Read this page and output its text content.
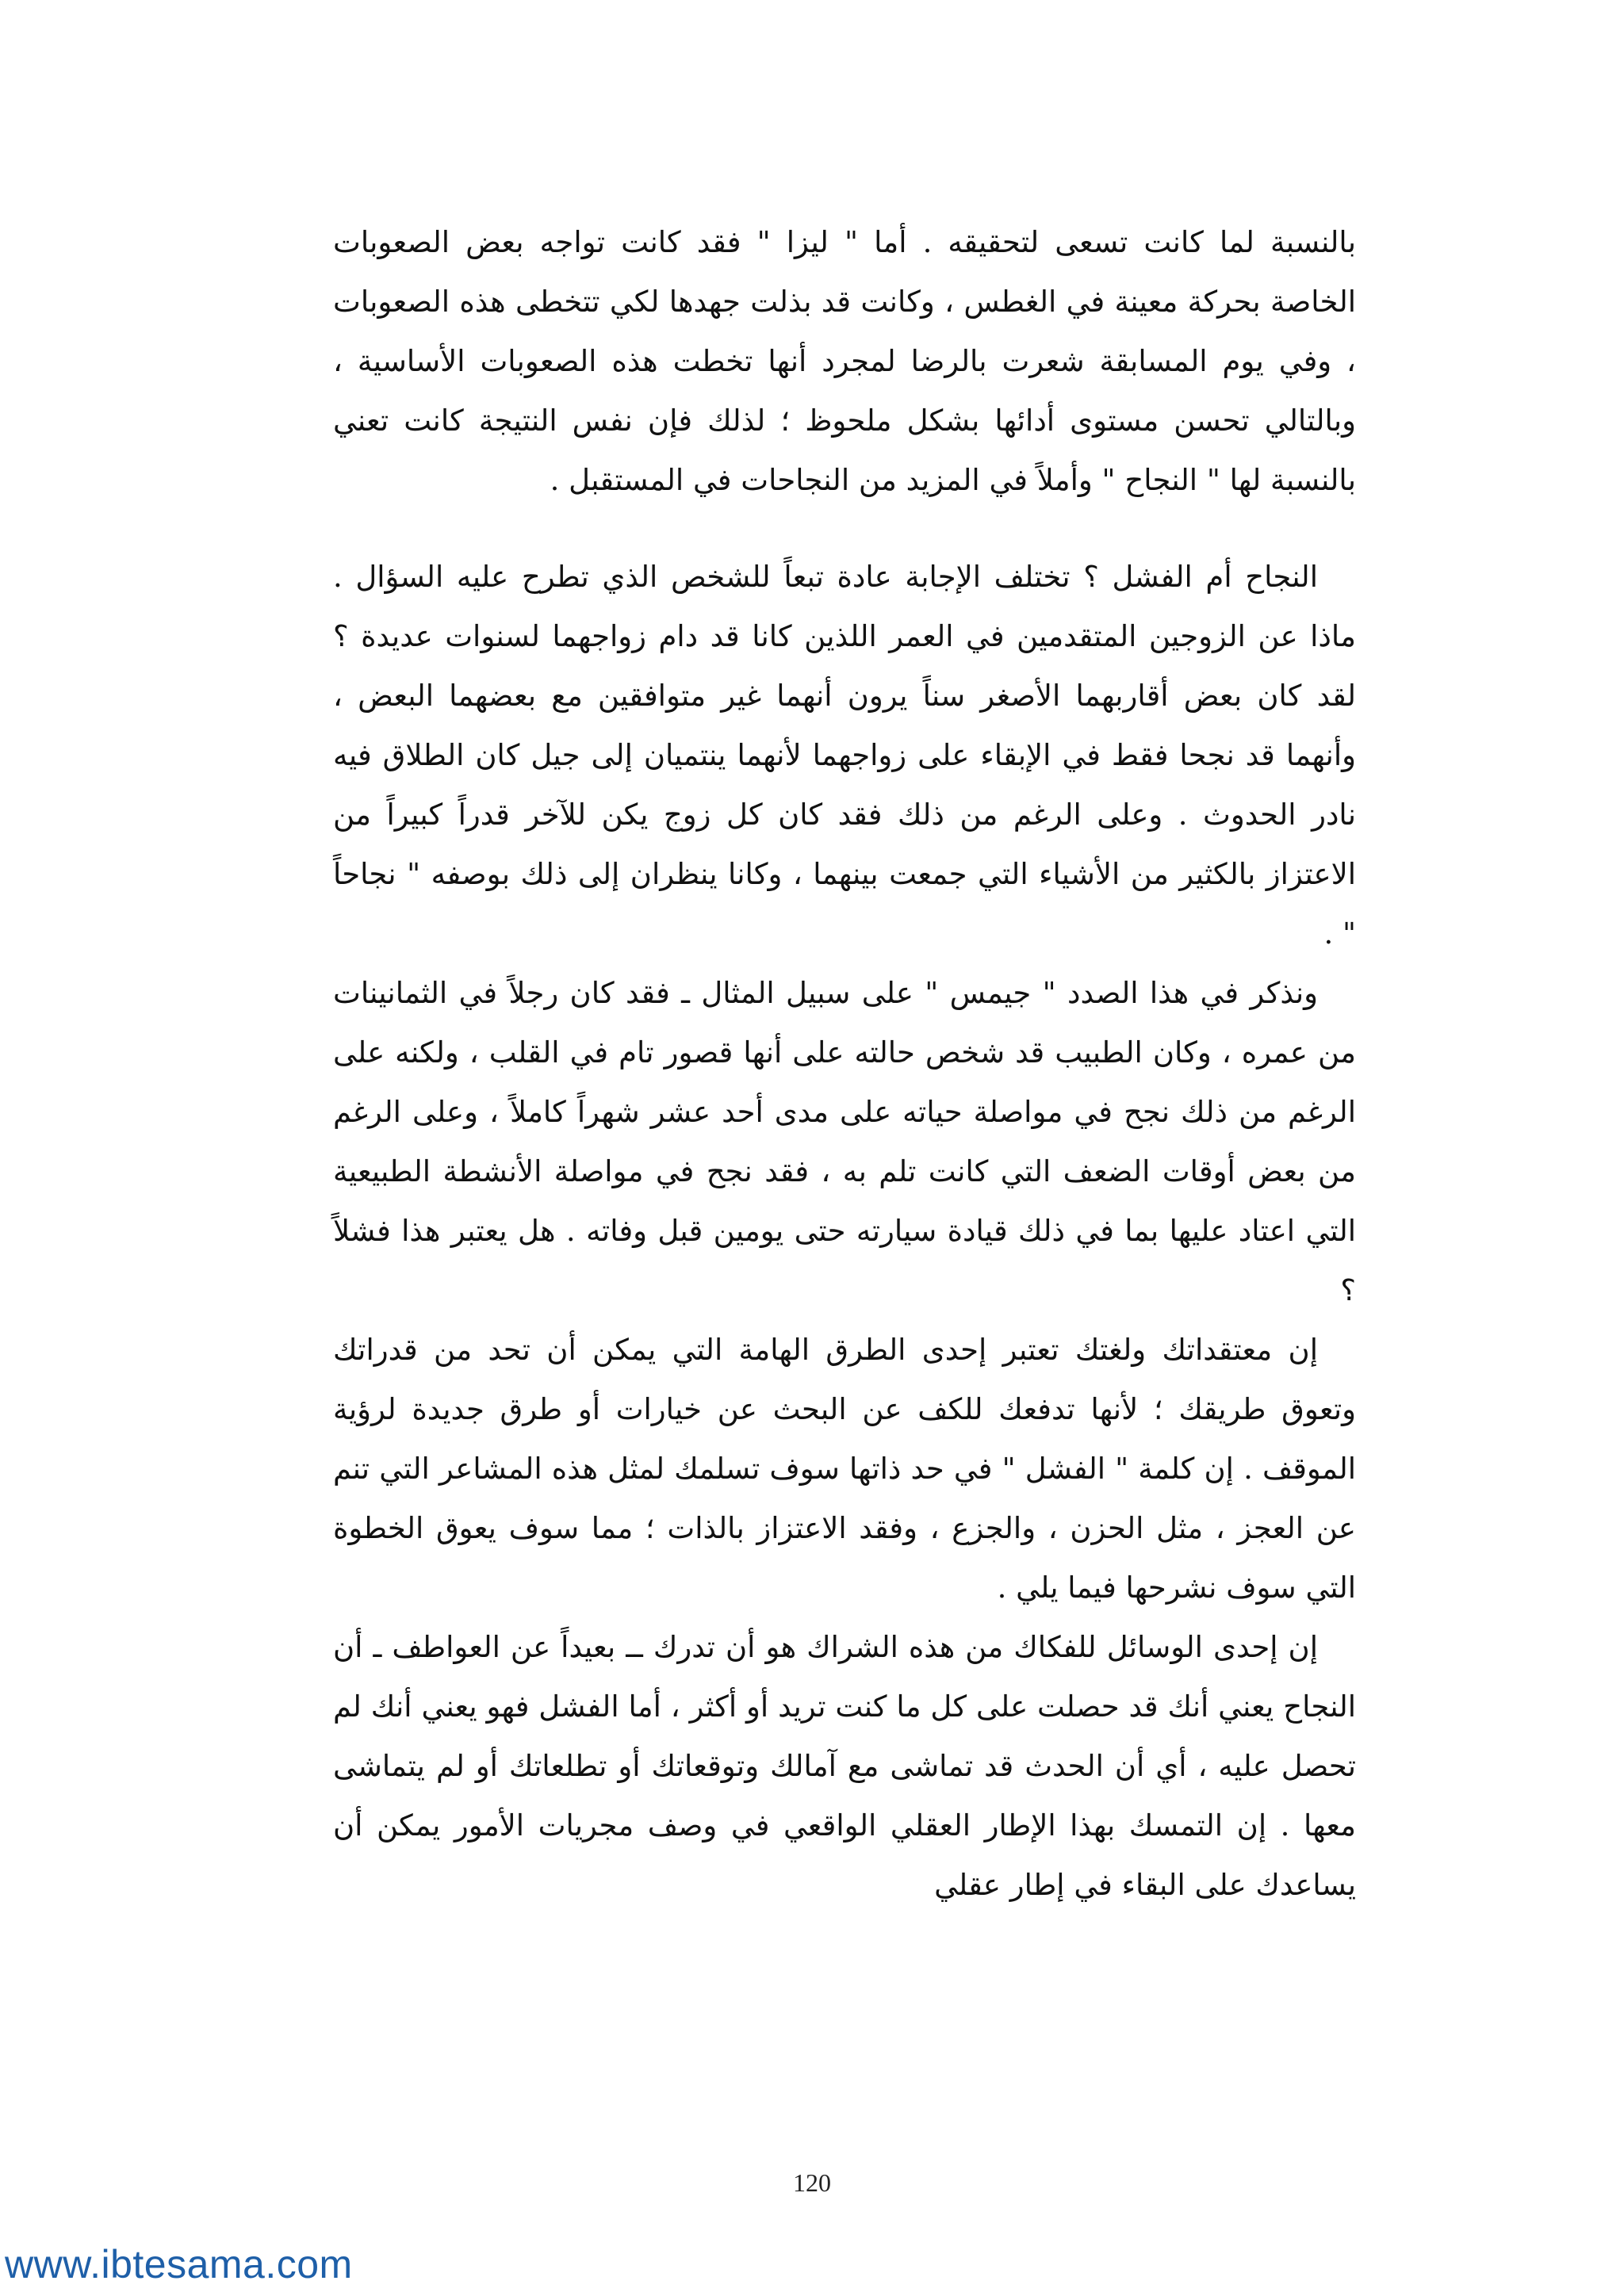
بالنسبة لما كانت تسعى لتحقيقه . أما " ليزا " فقد كانت تواجه بعض الصعوبات الخاصة بحركة معينة في الغطس ، وكانت قد بذلت جهدها لكي تتخطى هذه الصعوبات ، وفي يوم المسابقة شعرت بالرضا لمجرد أنها تخطت هذه الصعوبات الأساسية ، وبالتالي تحسن مستوى أدائها بشكل ملحوظ ؛ لذلك فإن نفس النتيجة كانت تعني بالنسبة لها " النجاح " وأملاً في المزيد من النجاحات في المستقبل .

النجاح أم الفشل ؟ تختلف الإجابة عادة تبعاً للشخص الذي تطرح عليه السؤال . ماذا عن الزوجين المتقدمين في العمر اللذين كانا قد دام زواجهما لسنوات عديدة ؟ لقد كان بعض أقاربهما الأصغر سناً يرون أنهما غير متوافقين مع بعضهما البعض ، وأنهما قد نجحا فقط في الإبقاء على زواجهما لأنهما ينتميان إلى جيل كان الطلاق فيه نادر الحدوث . وعلى الرغم من ذلك فقد كان كل زوج يكن للآخر قدراً كبيراً من الاعتزاز بالكثير من الأشياء التي جمعت بينهما ، وكانا ينظران إلى ذلك بوصفه " نجاحاً " .

ونذكر في هذا الصدد " جيمس " على سبيل المثال ـ فقد كان رجلاً في الثمانينات من عمره ، وكان الطبيب قد شخص حالته على أنها قصور تام في القلب ، ولكنه على الرغم من ذلك نجح في مواصلة حياته على مدى أحد عشر شهراً كاملاً ، وعلى الرغم من بعض أوقات الضعف التي كانت تلم به ، فقد نجح في مواصلة الأنشطة الطبيعية التي اعتاد عليها بما في ذلك قيادة سيارته حتى يومين قبل وفاته . هل يعتبر هذا فشلاً ؟

إن معتقداتك ولغتك تعتبر إحدى الطرق الهامة التي يمكن أن تحد من قدراتك وتعوق طريقك ؛ لأنها تدفعك للكف عن البحث عن خيارات أو طرق جديدة لرؤية الموقف . إن كلمة " الفشل " في حد ذاتها سوف تسلمك لمثل هذه المشاعر التي تنم عن العجز ، مثل الحزن ، والجزع ، وفقد الاعتزاز بالذات ؛ مما سوف يعوق الخطوة التي سوف نشرحها فيما يلي .

إن إحدى الوسائل للفكاك من هذه الشراك هو أن تدرك ــ بعيداً عن العواطف ـ أن النجاح يعني أنك قد حصلت على كل ما كنت تريد أو أكثر ، أما الفشل فهو يعني أنك لم تحصل عليه ، أي أن الحدث قد تماشى مع آمالك وتوقعاتك أو تطلعاتك أو لم يتماشى معها . إن التمسك بهذا الإطار العقلي الواقعي في وصف مجريات الأمور يمكن أن يساعدك على البقاء في إطار عقلي

120
www.ibtesama.com
